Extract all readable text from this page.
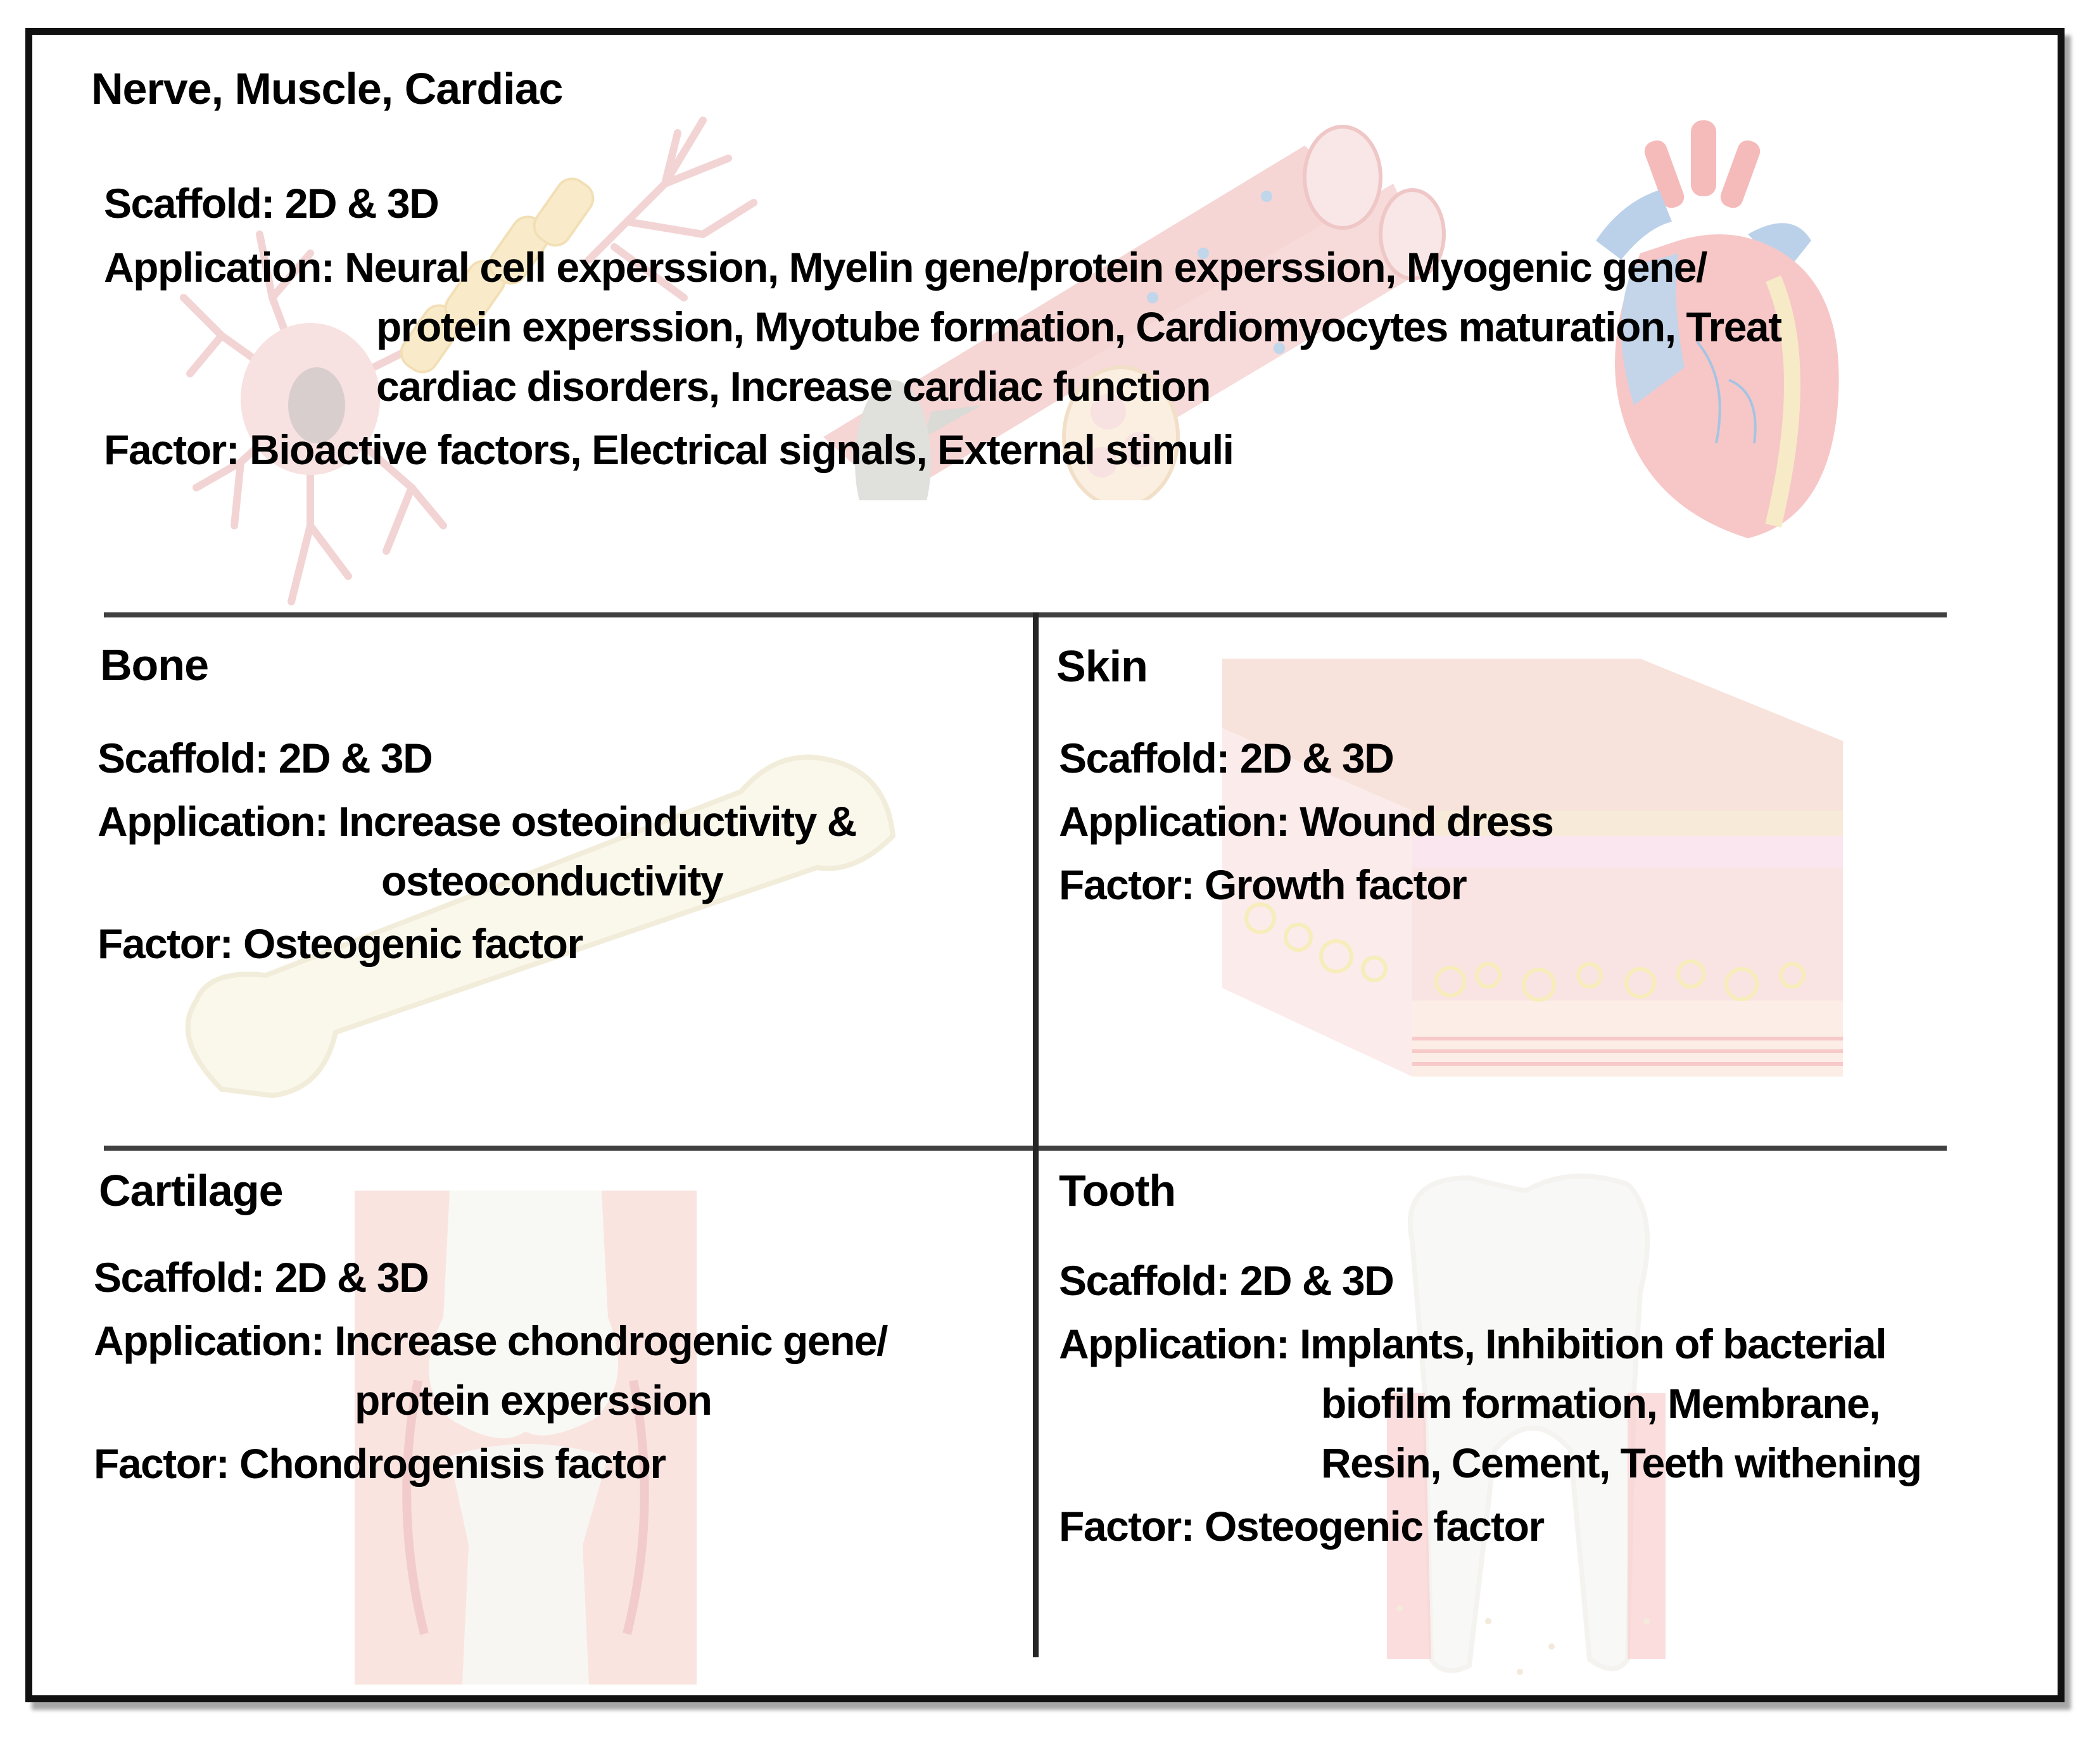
Nerve, Muscle, Cardiac
Scaffold: 2D & 3D
Application: Neural cell experssion, Myelin gene/protein experssion, Myogenic gene/
protein experssion, Myotube formation, Cardiomyocytes maturation, Treat
cardiac disorders, Increase cardiac function
Factor: Bioactive factors, Electrical signals, External stimuli
Bone
Scaffold: 2D & 3D
Application: Increase osteoinductivity &
osteoconductivity
Factor: Osteogenic factor
Skin
Scaffold: 2D & 3D
Application: Wound dress
Factor: Growth factor
Cartilage
Scaffold: 2D & 3D
Application: Increase chondrogenic gene/
protein experssion
Factor: Chondrogenisis factor
Tooth
Scaffold: 2D & 3D
Application: Implants, Inhibition of bacterial
biofilm formation, Membrane,
Resin, Cement, Teeth withening
Factor: Osteogenic factor
